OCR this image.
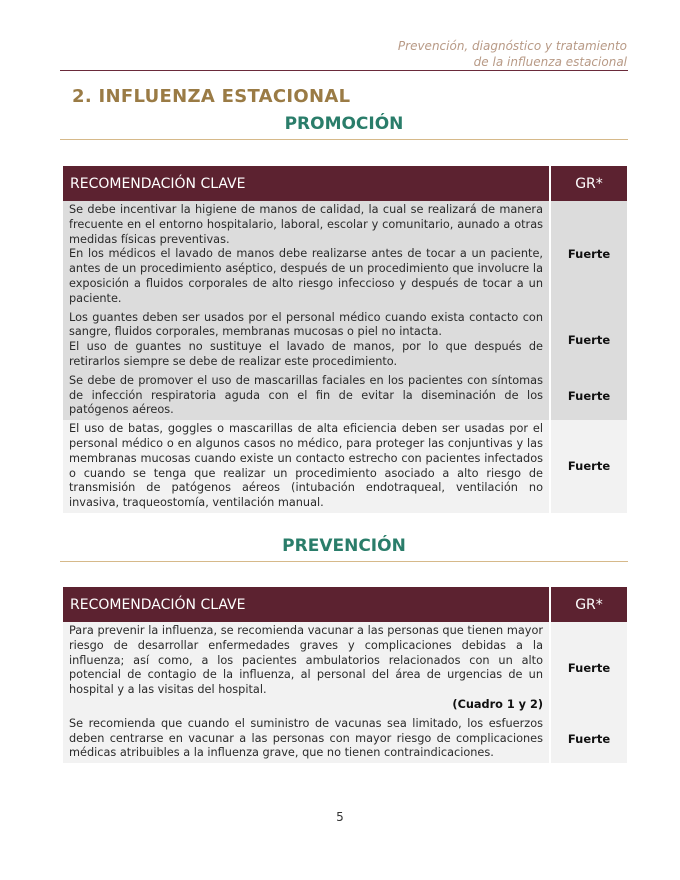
Prevención, diagnóstico y tratamiento
de la influenza estacional
2. INFLUENZA ESTACIONAL
PROMOCIÓN
RECOMENDACIÓN CLAVE	GR*

Se debe incentivar la higiene de manos de calidad, la cual se realizará de manera frecuente en el entorno hospitalario, laboral, escolar y comunitario, aunado a otras medidas físicas preventivas.
En los médicos el lavado de manos debe realizarse antes de tocar a un paciente, antes de un procedimiento aséptico, después de un procedimiento que involucre la exposición a fluidos corporales de alto riesgo infeccioso y después de tocar a un paciente.	Fuerte

Los guantes deben ser usados por el personal médico cuando exista contacto con sangre, fluidos corporales, membranas mucosas o piel no intacta.
El uso de guantes no sustituye el lavado de manos, por lo que después de retirarlos siempre se debe de realizar este procedimiento.	Fuerte

Se debe de promover el uso de mascarillas faciales en los pacientes con síntomas de infección respiratoria aguda con el fin de evitar la diseminación de los patógenos aéreos.	Fuerte

El uso de batas, goggles o mascarillas de alta eficiencia deben ser usadas por el personal médico o en algunos casos no médico, para proteger las conjuntivas y las membranas mucosas cuando existe un contacto estrecho con pacientes infectados o cuando se tenga que realizar un procedimiento asociado a alto riesgo de transmisión de patógenos aéreos (intubación endotraqueal, ventilación no invasiva, traqueostomía, ventilación manual.	Fuerte
PREVENCIÓN
RECOMENDACIÓN CLAVE	GR*

Para prevenir la influenza, se recomienda vacunar a las personas que tienen mayor riesgo de desarrollar enfermedades graves y complicaciones debidas a la influenza; así como, a los pacientes ambulatorios relacionados con un alto potencial de contagio de la influenza, al personal del área de urgencias de un hospital y a las visitas del hospital.
(Cuadro 1 y 2)	Fuerte

Se recomienda que cuando el suministro de vacunas sea limitado, los esfuerzos deben centrarse en vacunar a las personas con mayor riesgo de complicaciones médicas atribuibles a la influenza grave, que no tienen contraindicaciones.	Fuerte
5
